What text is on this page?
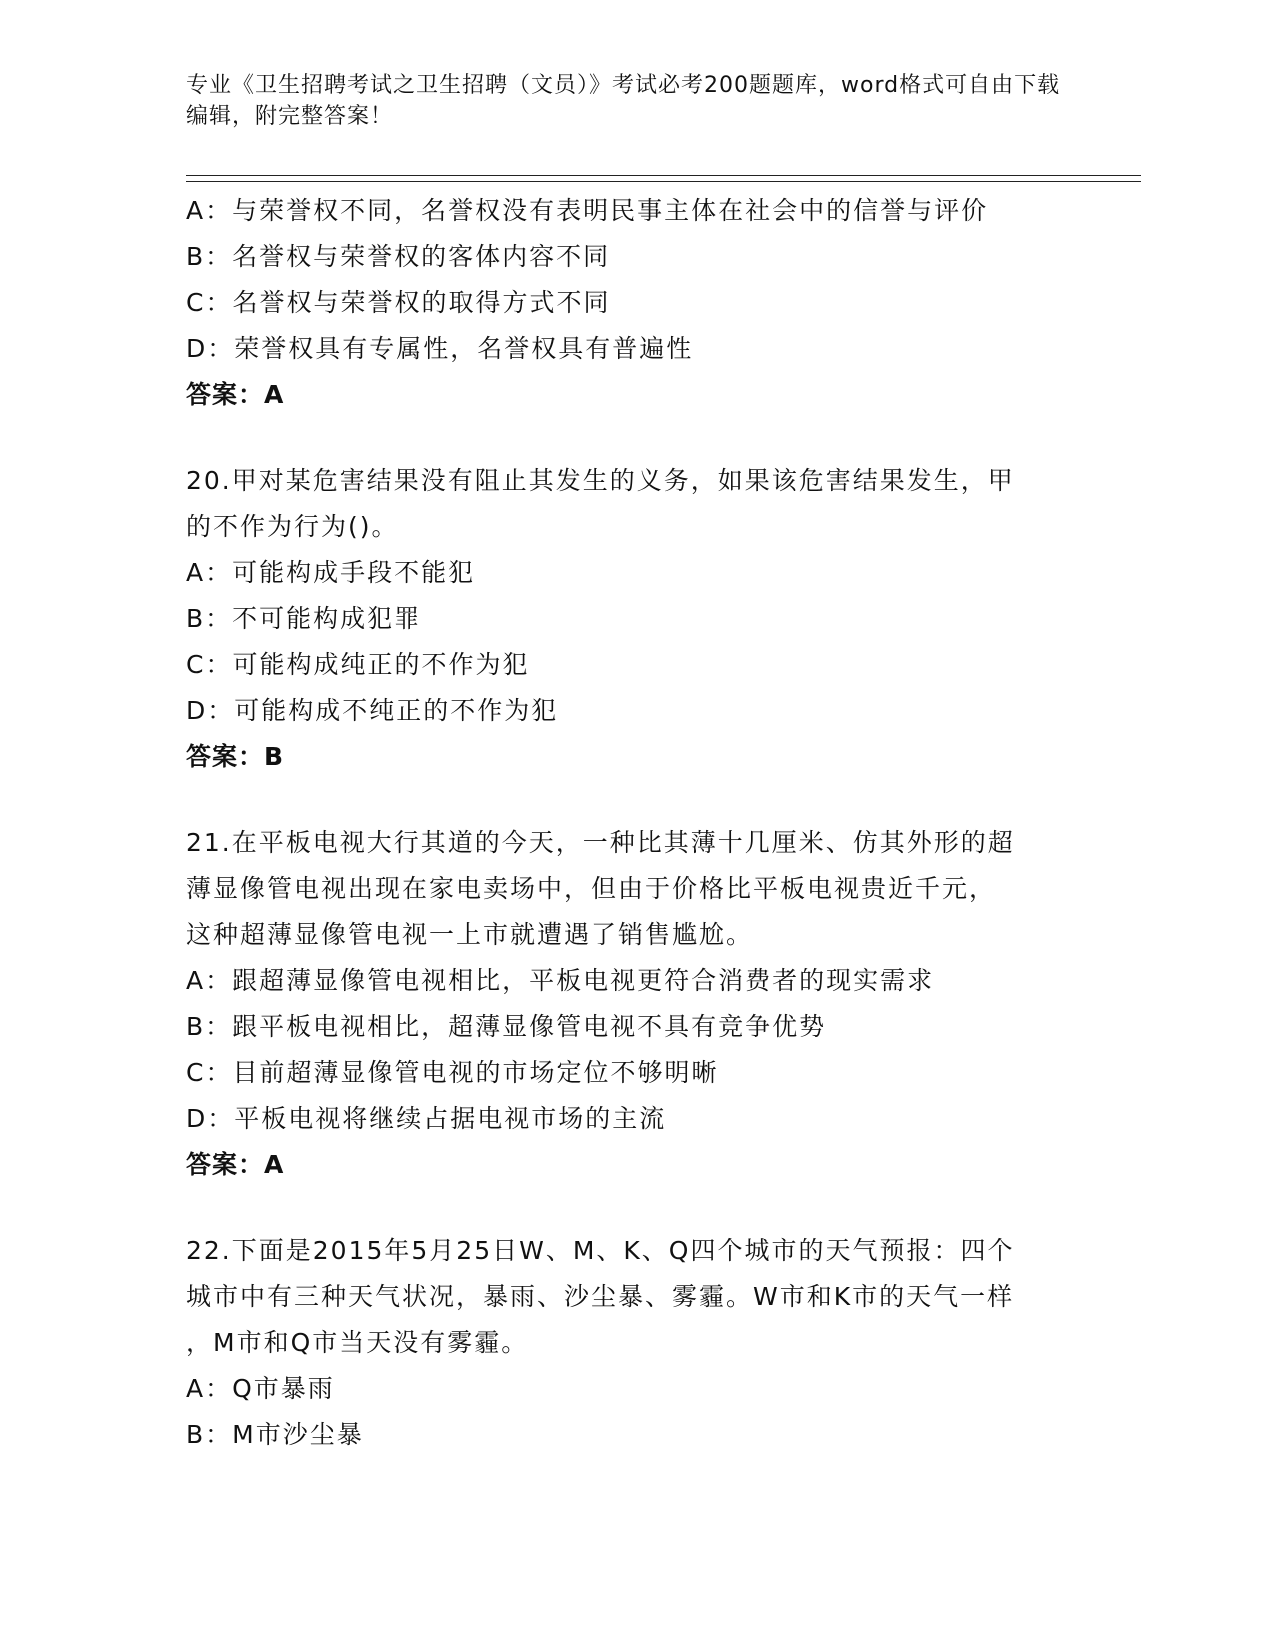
专业《卫生招聘考试之卫生招聘（文员）》考试必考200题题库，word格式可自由下载编辑，附完整答案！
A：与荣誉权不同，名誉权没有表明民事主体在社会中的信誉与评价
B：名誉权与荣誉权的客体内容不同
C：名誉权与荣誉权的取得方式不同
D：荣誉权具有专属性，名誉权具有普遍性
答案：A
20.甲对某危害结果没有阻止其发生的义务，如果该危害结果发生，甲
的不作为行为()。
A：可能构成手段不能犯
B：不可能构成犯罪
C：可能构成纯正的不作为犯
D：可能构成不纯正的不作为犯
答案：B
21.在平板电视大行其道的今天，一种比其薄十几厘米、仿其外形的超
薄显像管电视出现在家电卖场中，但由于价格比平板电视贵近千元，
这种超薄显像管电视一上市就遭遇了销售尴尬。
A：跟超薄显像管电视相比，平板电视更符合消费者的现实需求
B：跟平板电视相比，超薄显像管电视不具有竞争优势
C：目前超薄显像管电视的市场定位不够明晰
D：平板电视将继续占据电视市场的主流
答案：A
22.下面是2015年5月25日W、M、K、Q四个城市的天气预报：四个
城市中有三种天气状况，暴雨、沙尘暴、雾霾。W市和K市的天气一样
，M市和Q市当天没有雾霾。
A：Q市暴雨
B：M市沙尘暴
